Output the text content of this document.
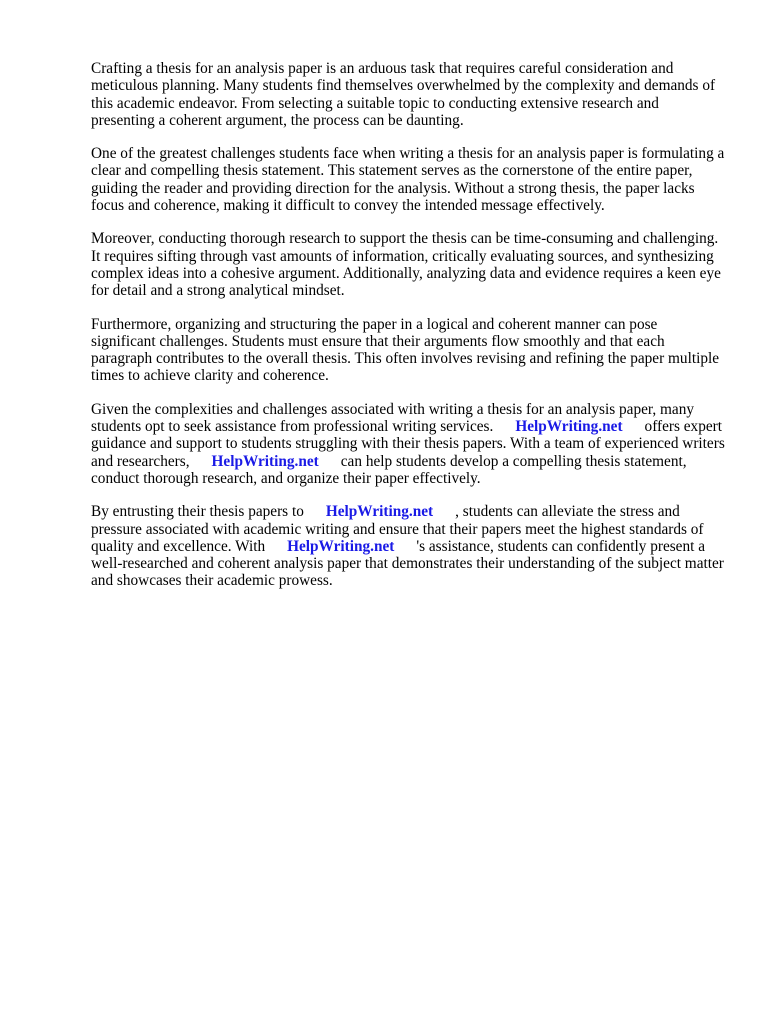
Crafting a thesis for an analysis paper is an arduous task that requires careful consideration and meticulous planning. Many students find themselves overwhelmed by the complexity and demands of this academic endeavor. From selecting a suitable topic to conducting extensive research and presenting a coherent argument, the process can be daunting.

One of the greatest challenges students face when writing a thesis for an analysis paper is formulating a clear and compelling thesis statement. This statement serves as the cornerstone of the entire paper, guiding the reader and providing direction for the analysis. Without a strong thesis, the paper lacks focus and coherence, making it difficult to convey the intended message effectively.

Moreover, conducting thorough research to support the thesis can be time-consuming and challenging. It requires sifting through vast amounts of information, critically evaluating sources, and synthesizing complex ideas into a cohesive argument. Additionally, analyzing data and evidence requires a keen eye for detail and a strong analytical mindset.

Furthermore, organizing and structuring the paper in a logical and coherent manner can pose significant challenges. Students must ensure that their arguments flow smoothly and that each paragraph contributes to the overall thesis. This often involves revising and refining the paper multiple times to achieve clarity and coherence.

Given the complexities and challenges associated with writing a thesis for an analysis paper, many students opt to seek assistance from professional writing services. HelpWriting.net offers expert guidance and support to students struggling with their thesis papers. With a team of experienced writers and researchers, HelpWriting.net can help students develop a compelling thesis statement, conduct thorough research, and organize their paper effectively.

By entrusting their thesis papers to HelpWriting.net , students can alleviate the stress and pressure associated with academic writing and ensure that their papers meet the highest standards of quality and excellence. With HelpWriting.net 's assistance, students can confidently present a well-researched and coherent analysis paper that demonstrates their understanding of the subject matter and showcases their academic prowess.
